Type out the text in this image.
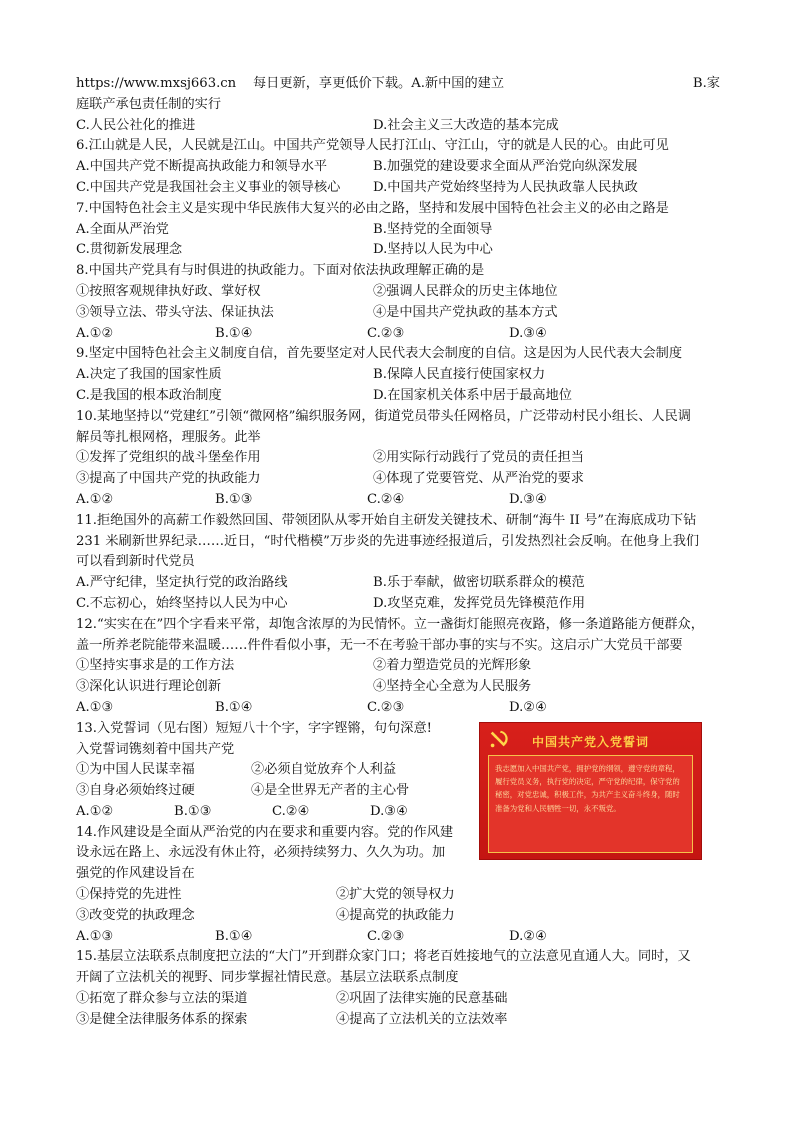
https://www.mxsj663.cn 每日更新，享更低价下载。A.新中国的建立	B.家
庭联产承包责任制的实行
C.人民公社化的推进	D.社会主义三大改造的基本完成
6.江山就是人民，人民就是江山。中国共产党领导人民打江山、守江山，守的就是人民的心。由此可见
A.中国共产党不断提高执政能力和领导水平	B.加强党的建设要求全面从严治党向纵深发展
C.中国共产党是我国社会主义事业的领导核心	D.中国共产党始终坚持为人民执政靠人民执政
7.中国特色社会主义是实现中华民族伟大复兴的必由之路，坚持和发展中国特色社会主义的必由之路是
A.全面从严治党	B.坚持党的全面领导
C.贯彻新发展理念	D.坚持以人民为中心
8.中国共产党具有与时俱进的执政能力。下面对依法执政理解正确的是
①按照客观规律执好政、掌好权	②强调人民群众的历史主体地位
③领导立法、带头守法、保证执法	④是中国共产党执政的基本方式
A.①②	B.①④	C.②③	D.③④
9.坚定中国特色社会主义制度自信，首先要坚定对人民代表大会制度的自信。这是因为人民代表大会制度
A.决定了我国的国家性质	B.保障人民直接行使国家权力
C.是我国的根本政治制度	D.在国家机关体系中居于最高地位
10.某地坚持以“党建红”引领“微网格”编织服务网，街道党员带头任网格员，广泛带动村民小组长、人民调
解员等扎根网格，理服务。此举
①发挥了党组织的战斗堡垒作用	②用实际行动践行了党员的责任担当
③提高了中国共产党的执政能力	④体现了党要管党、从严治党的要求
A.①②	B.①③	C.②④	D.③④
11.拒绝国外的高薪工作毅然回国、带领团队从零开始自主研发关键技术、研制“海牛 II 号”在海底成功下钻
231 米刷新世界纪录……近日，“时代楷模”万步炎的先进事迹经报道后，引发热烈社会反响。在他身上我们
可以看到新时代党员
A.严守纪律，坚定执行党的政治路线	B.乐于奉献，做密切联系群众的模范
C.不忘初心，始终坚持以人民为中心	D.攻坚克难，发挥党员先锋模范作用
12.“实实在在”四个字看来平常，却饱含浓厚的为民情怀。立一盏街灯能照亮夜路，修一条道路能方便群众，
盖一所养老院能带来温暖……件件看似小事，无一不在考验干部办事的实与不实。这启示广大党员干部要
①坚持实事求是的工作方法	②着力塑造党员的光辉形象
③深化认识进行理论创新	④坚持全心全意为人民服务
A.①③	B.①④	C.②③	D.②④
13.入党誓词（见右图）短短八十个字，字字铿锵，句句深意!
入党誓词镌刻着中国共产党
①为中国人民谋幸福	②必须自觉放弃个人利益
③自身必须始终过硬	④是全世界无产者的主心骨
A.①②	B.①③	C.②④	D.③④
14.作风建设是全面从严治党的内在要求和重要内容。党的作风建
设永远在路上、永远没有休止符，必须持续努力、久久为功。加
强党的作风建设旨在
①保持党的先进性	②扩大党的领导权力
③改变党的执政理念	④提高党的执政能力
A.①③	B.①④	C.②③	D.②④
15.基层立法联系点制度把立法的“大门”开到群众家门口；将老百姓接地气的立法意见直通人大。同时，又
开阔了立法机关的视野、同步掌握社情民意。基层立法联系点制度
①拓宽了群众参与立法的渠道	②巩固了法律实施的民意基础
③是健全法律服务体系的探索	④提高了立法机关的立法效率
中国共产党入党誓词
我志愿加入中国共产党，拥护党的纲领，遵守党的章程，履行党员义务，执行党的决定，严守党的纪律，保守党的秘密，对党忠诚，积极工作，为共产主义奋斗终身，随时准备为党和人民牺牲一切，永不叛党。
